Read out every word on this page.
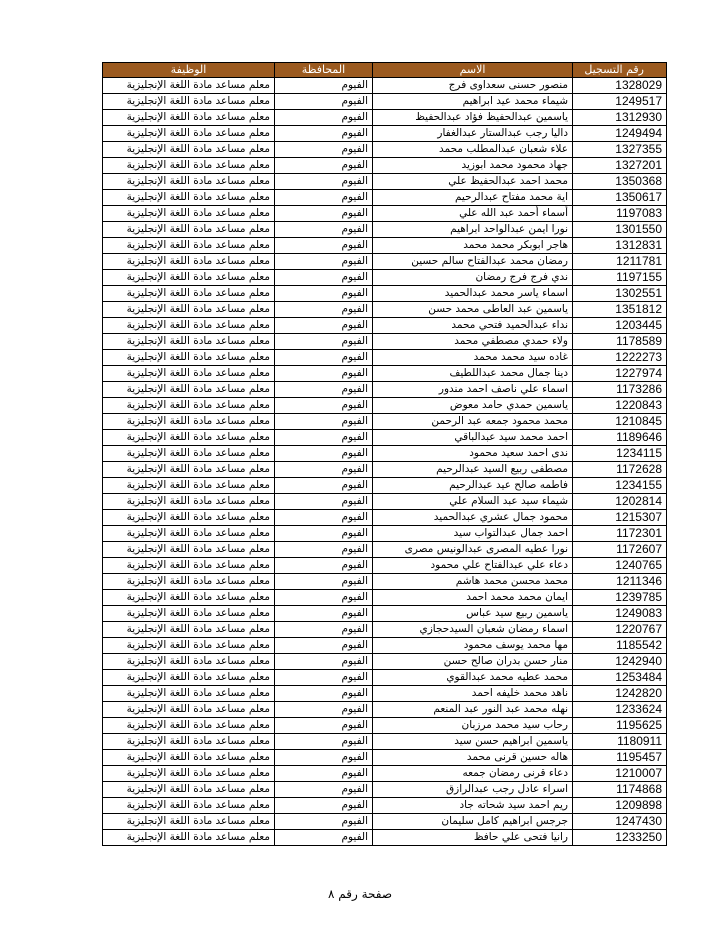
الوظيفة	المحافظة	الاسم	رقم التسجيل
معلم مساعد مادة اللغة الإنجليزية	الفيوم	منصور حسنى سعداوى فرج	1328029
معلم مساعد مادة اللغة الإنجليزية	الفيوم	شيماء محمد عيد ابراهيم	1249517
معلم مساعد مادة اللغة الإنجليزية	الفيوم	ياسمين عبدالحفيظ فؤاد عبدالحفيظ	1312930
معلم مساعد مادة اللغة الإنجليزية	الفيوم	داليا رجب عبدالستار عبدالغفار	1249494
معلم مساعد مادة اللغة الإنجليزية	الفيوم	علاء شعبان عبدالمطلب محمد	1327355
معلم مساعد مادة اللغة الإنجليزية	الفيوم	جهاد محمود محمد ابوزيد	1327201
معلم مساعد مادة اللغة الإنجليزية	الفيوم	محمد احمد عبدالحفيظ علي	1350368
معلم مساعد مادة اللغة الإنجليزية	الفيوم	اية محمد مفتاح عبدالرحيم	1350617
معلم مساعد مادة اللغة الإنجليزية	الفيوم	أسماء أحمد عبد الله علي	1197083
معلم مساعد مادة اللغة الإنجليزية	الفيوم	نورا ايمن عبدالواحد ابراهيم	1301550
معلم مساعد مادة اللغة الإنجليزية	الفيوم	هاجر ابوبكر محمد محمد	1312831
معلم مساعد مادة اللغة الإنجليزية	الفيوم	رمضان محمد عبدالفتاح سالم حسين	1211781
معلم مساعد مادة اللغة الإنجليزية	الفيوم	ندي فرج فرج رمضان	1197155
معلم مساعد مادة اللغة الإنجليزية	الفيوم	اسماء ياسر محمد عبدالحميد	1302551
معلم مساعد مادة اللغة الإنجليزية	الفيوم	ياسمين عبد العاطى محمد حسن	1351812
معلم مساعد مادة اللغة الإنجليزية	الفيوم	نداء عبدالحميد فتحي محمد	1203445
معلم مساعد مادة اللغة الإنجليزية	الفيوم	ولاء حمدي مصطفي محمد	1178589
معلم مساعد مادة اللغة الإنجليزية	الفيوم	غاده سيد محمد محمد	1222273
معلم مساعد مادة اللغة الإنجليزية	الفيوم	دينا جمال محمد عبداللطيف	1227974
معلم مساعد مادة اللغة الإنجليزية	الفيوم	اسماء علي ناصف احمد مندور	1173286
معلم مساعد مادة اللغة الإنجليزية	الفيوم	ياسمين حمدي حامد معوض	1220843
معلم مساعد مادة اللغة الإنجليزية	الفيوم	محمد محمود جمعه عبد الرحمن	1210845
معلم مساعد مادة اللغة الإنجليزية	الفيوم	احمد محمد سيد عبدالباقي	1189646
معلم مساعد مادة اللغة الإنجليزية	الفيوم	ندى احمد سعيد محمود	1234115
معلم مساعد مادة اللغة الإنجليزية	الفيوم	مصطفى ربيع السيد عبدالرحيم	1172628
معلم مساعد مادة اللغة الإنجليزية	الفيوم	فاطمه صالح عيد عبدالرحيم	1234155
معلم مساعد مادة اللغة الإنجليزية	الفيوم	شيماء سيد عبد السلام علي	1202814
معلم مساعد مادة اللغة الإنجليزية	الفيوم	محمود جمال عشري عبدالحميد	1215307
معلم مساعد مادة اللغة الإنجليزية	الفيوم	احمد جمال عبدالتواب سيد	1172301
معلم مساعد مادة اللغة الإنجليزية	الفيوم	نورا عطيه المصرى عبدالونيس مصرى	1172607
معلم مساعد مادة اللغة الإنجليزية	الفيوم	دعاء علي عبدالفتاح علي محمود	1240765
معلم مساعد مادة اللغة الإنجليزية	الفيوم	محمد محسن محمد هاشم	1211346
معلم مساعد مادة اللغة الإنجليزية	الفيوم	ايمان محمد محمد احمد	1239785
معلم مساعد مادة اللغة الإنجليزية	الفيوم	ياسمين ربيع سيد عباس	1249083
معلم مساعد مادة اللغة الإنجليزية	الفيوم	اسماء رمضان شعبان السيدحجازي	1220767
معلم مساعد مادة اللغة الإنجليزية	الفيوم	مها محمد يوسف محمود	1185542
معلم مساعد مادة اللغة الإنجليزية	الفيوم	منار حسن بدران صالح حسن	1242940
معلم مساعد مادة اللغة الإنجليزية	الفيوم	محمد عطيه محمد عبدالقوي	1253484
معلم مساعد مادة اللغة الإنجليزية	الفيوم	ناهد محمد خليفه احمد	1242820
معلم مساعد مادة اللغة الإنجليزية	الفيوم	نهله محمد عبد النور عبد المنعم	1233624
معلم مساعد مادة اللغة الإنجليزية	الفيوم	رحاب سيد محمد مرزبان	1195625
معلم مساعد مادة اللغة الإنجليزية	الفيوم	ياسمين ابراهيم حسن سيد	1180911
معلم مساعد مادة اللغة الإنجليزية	الفيوم	هاله حسين قرنى محمد	1195457
معلم مساعد مادة اللغة الإنجليزية	الفيوم	دعاء قرنى رمضان جمعه	1210007
معلم مساعد مادة اللغة الإنجليزية	الفيوم	اسراء عادل رجب عبدالرازق	1174868
معلم مساعد مادة اللغة الإنجليزية	الفيوم	ريم احمد سيد شحاته جاد	1209898
معلم مساعد مادة اللغة الإنجليزية	الفيوم	جرجس ابراهيم كامل سليمان	1247430
معلم مساعد مادة اللغة الإنجليزية	الفيوم	رانيا فتحى علي حافظ	1233250
صفحة رقم ٨
